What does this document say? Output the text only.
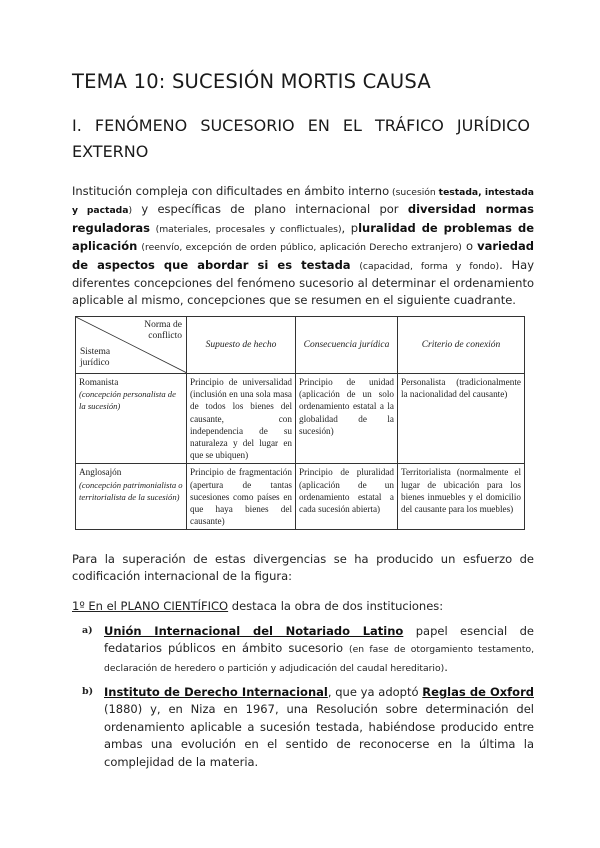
TEMA 10: SUCESIÓN MORTIS CAUSA
I. FENÓMENO SUCESORIO EN EL TRÁFICO JURÍDICO EXTERNO

Institución compleja con dificultades en ámbito interno (sucesión testada, intestada y pactada) y específicas de plano internacional por diversidad normas reguladoras (materiales, procesales y conflictuales), pluralidad de problemas de aplicación (reenvío, excepción de orden público, aplicación Derecho extranjero) o variedad de aspectos que abordar si es testada (capacidad, forma y fondo). Hay diferentes concepciones del fenómeno sucesorio al determinar el ordenamiento aplicable al mismo, concepciones que se resumen en el siguiente cuadrante.

Norma de conflicto
Sistema jurídico	Supuesto de hecho	Consecuencia jurídica	Criterio de conexión

Romanista
(concepción personalista de la sucesión)	Principio de universalidad (inclusión en una sola masa de todos los bienes del causante, con independencia de su naturaleza y del lugar en que se ubiquen)	Principio de unidad (aplicación de un solo ordenamiento estatal a la globalidad de la sucesión)	Personalista (tradicionalmente la nacionalidad del causante)

Anglosajón
(concepción patrimonialista o territorialista de la sucesión)	Principio de fragmentación (apertura de tantas sucesiones como países en que haya bienes del causante)	Principio de pluralidad (aplicación de un ordenamiento estatal a cada sucesión abierta)	Territorialista (normalmente el lugar de ubicación para los bienes inmuebles y el domicilio del causante para los muebles)

Para la superación de estas divergencias se ha producido un esfuerzo de codificación internacional de la figura:

1º En el PLANO CIENTÍFICO destaca la obra de dos instituciones:

a) Unión Internacional del Notariado Latino papel esencial de fedatarios públicos en ámbito sucesorio (en fase de otorgamiento testamento, declaración de heredero o partición y adjudicación del caudal hereditario).
b) Instituto de Derecho Internacional, que ya adoptó Reglas de Oxford (1880) y, en Niza en 1967, una Resolución sobre determinación del ordenamiento aplicable a sucesión testada, habiéndose producido entre ambas una evolución en el sentido de reconocerse en la última la complejidad de la materia.
